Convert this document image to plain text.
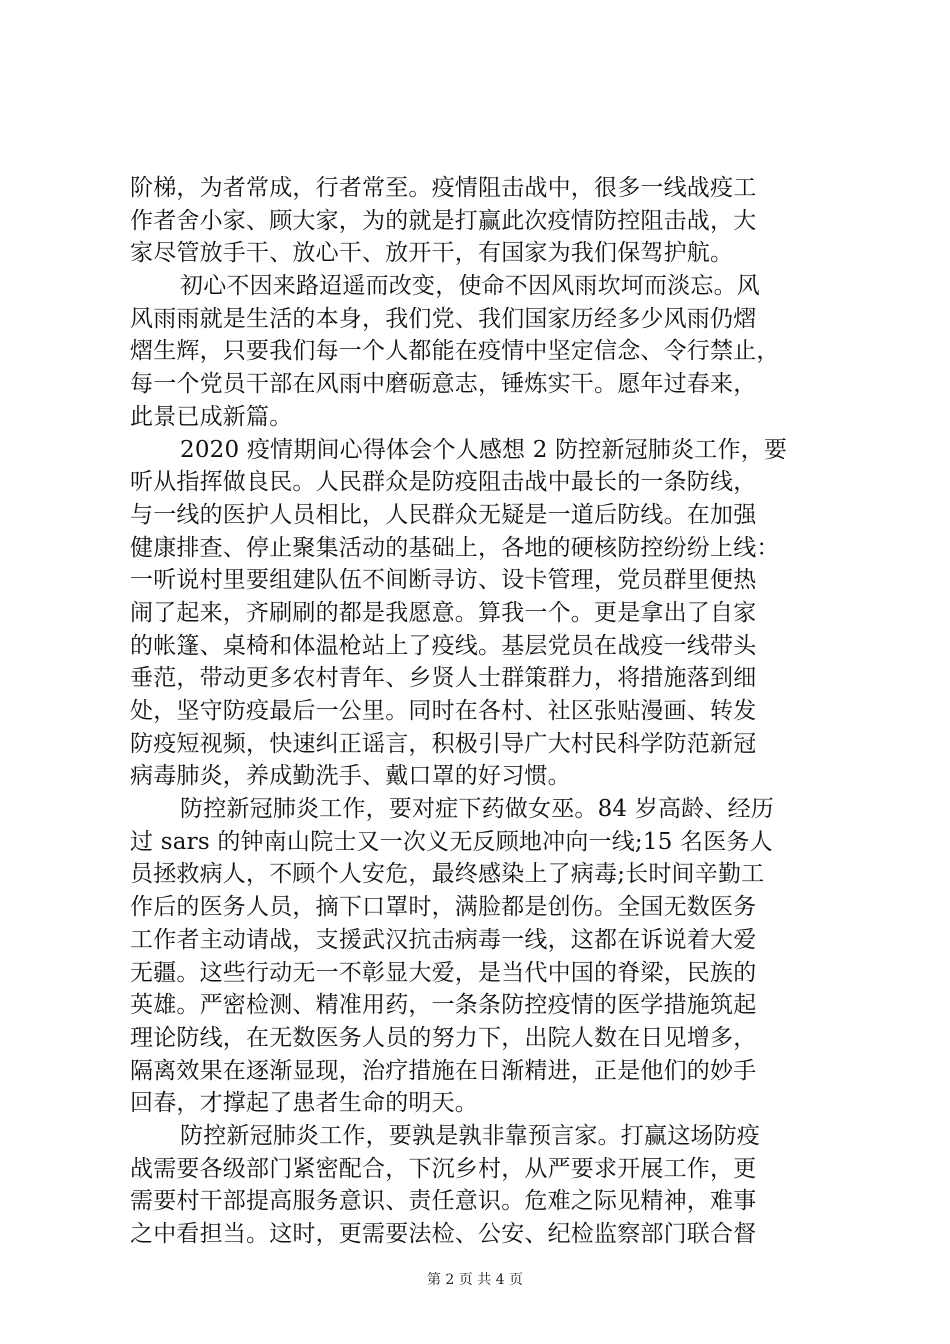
阶梯，为者常成，行者常至。疫情阻击战中，很多一线战疫工
作者舍小家、顾大家，为的就是打赢此次疫情防控阻击战，大
家尽管放手干、放心干、放开干，有国家为我们保驾护航。
初心不因来路迢遥而改变，使命不因风雨坎坷而淡忘。风
风雨雨就是生活的本身，我们党、我们国家历经多少风雨仍熠
熠生辉，只要我们每一个人都能在疫情中坚定信念、令行禁止，
每一个党员干部在风雨中磨砺意志，锤炼实干。愿年过春来，
此景已成新篇。
2020 疫情期间心得体会个人感想 2 防控新冠肺炎工作，要
听从指挥做良民。人民群众是防疫阻击战中最长的一条防线，
与一线的医护人员相比，人民群众无疑是一道后防线。在加强
健康排查、停止聚集活动的基础上，各地的硬核防控纷纷上线：
一听说村里要组建队伍不间断寻访、设卡管理，党员群里便热
闹了起来，齐刷刷的都是我愿意。算我一个。更是拿出了自家
的帐篷、桌椅和体温枪站上了疫线。基层党员在战疫一线带头
垂范，带动更多农村青年、乡贤人士群策群力，将措施落到细
处，坚守防疫最后一公里。同时在各村、社区张贴漫画、转发
防疫短视频，快速纠正谣言，积极引导广大村民科学防范新冠
病毒肺炎，养成勤洗手、戴口罩的好习惯。
防控新冠肺炎工作，要对症下药做女巫。84 岁高龄、经历
过 sars 的钟南山院士又一次义无反顾地冲向一线;15 名医务人
员拯救病人，不顾个人安危，最终感染上了病毒;长时间辛勤工
作后的医务人员，摘下口罩时，满脸都是创伤。全国无数医务
工作者主动请战，支援武汉抗击病毒一线，这都在诉说着大爱
无疆。这些行动无一不彰显大爱，是当代中国的脊梁，民族的
英雄。严密检测、精准用药，一条条防控疫情的医学措施筑起
理论防线，在无数医务人员的努力下，出院人数在日见增多，
隔离效果在逐渐显现，治疗措施在日渐精进，正是他们的妙手
回春，才撑起了患者生命的明天。
防控新冠肺炎工作，要孰是孰非靠预言家。打赢这场防疫
战需要各级部门紧密配合，下沉乡村，从严要求开展工作，更
需要村干部提高服务意识、责任意识。危难之际见精神，难事
之中看担当。这时，更需要法检、公安、纪检监察部门联合督
第 2 页 共 4 页
